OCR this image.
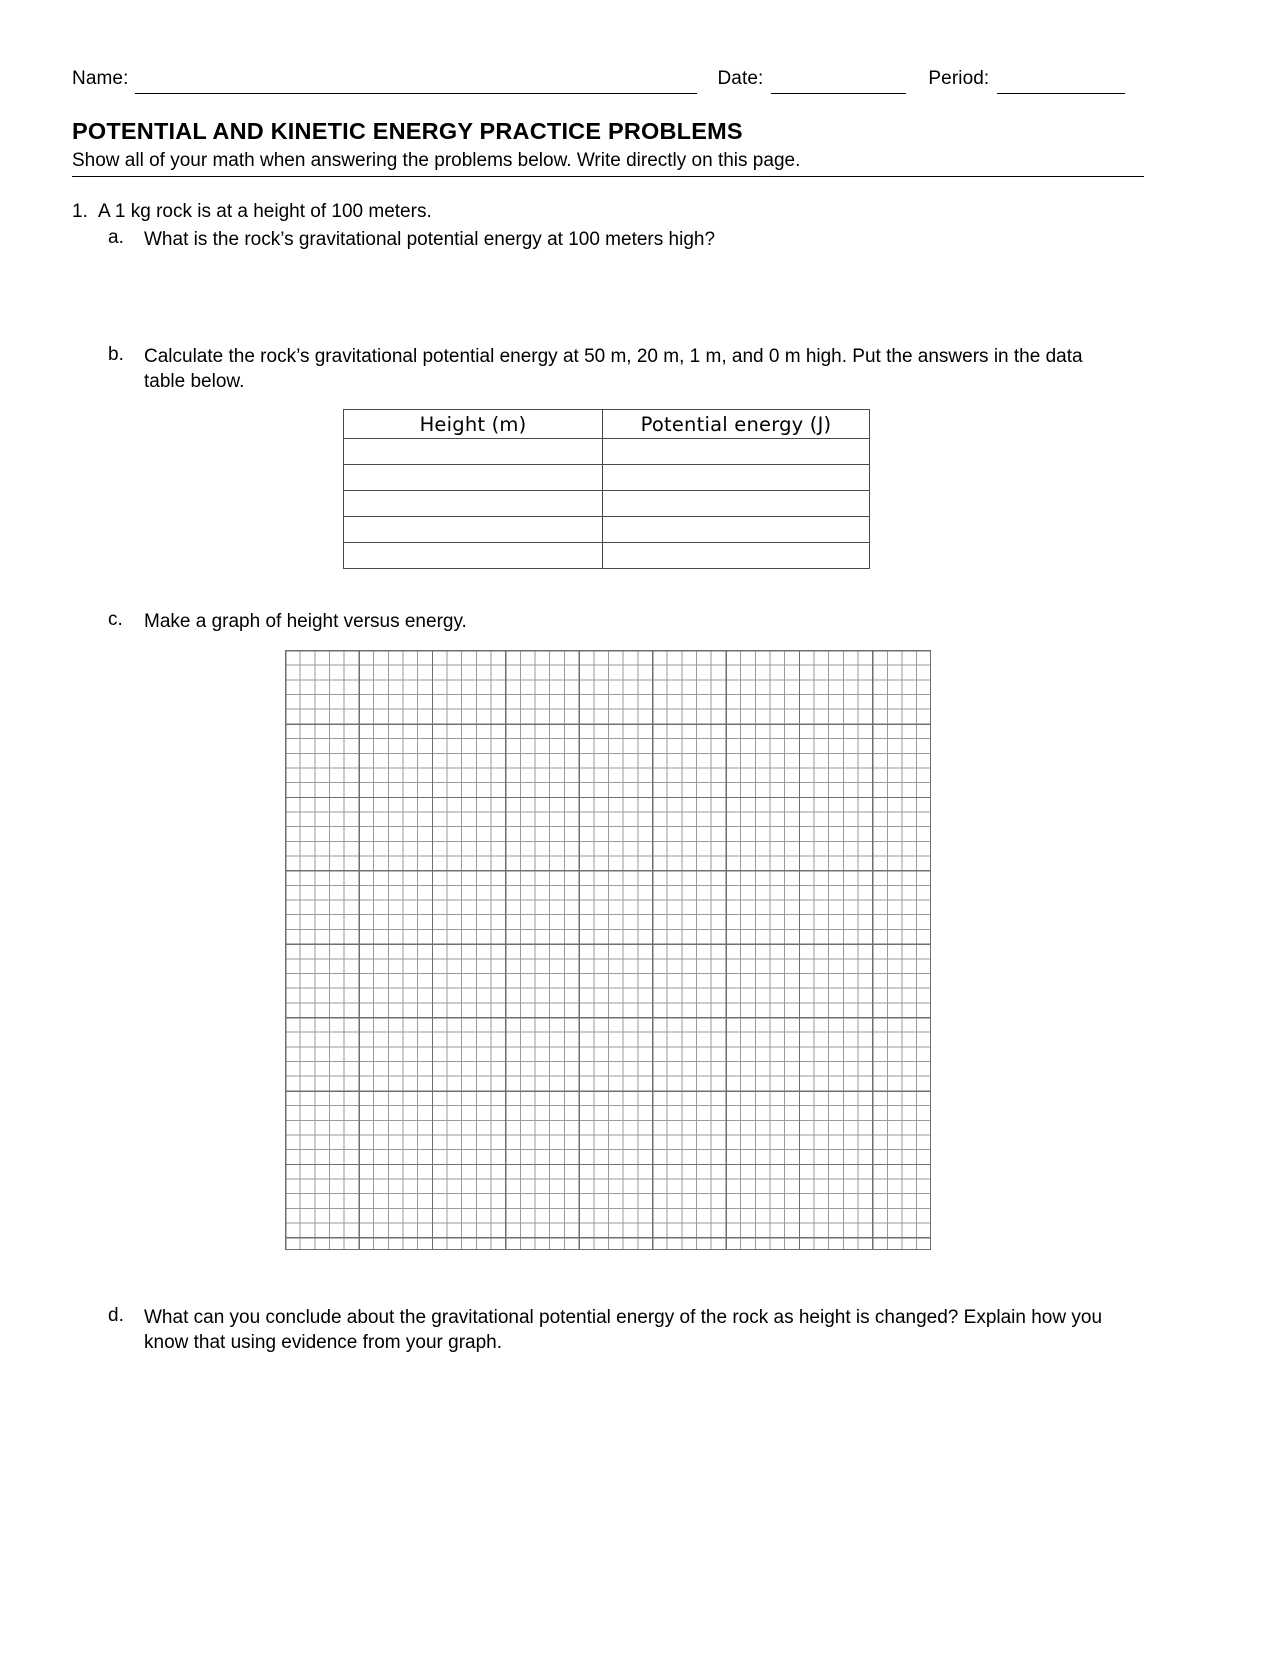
Name:	Date:	Period:
POTENTIAL AND KINETIC ENERGY PRACTICE PROBLEMS
Show all of your math when answering the problems below. Write directly on this page.
1. A 1 kg rock is at a height of 100 meters.
a.	What is the rock’s gravitational potential energy at 100 meters high?
b.	Calculate the rock’s gravitational potential energy at 50 m, 20 m, 1 m, and 0 m high. Put the answers in the data table below.
Height (m)	Potential energy (J)

c.	Make a graph of height versus energy.
d.	What can you conclude about the gravitational potential energy of the rock as height is changed? Explain how you know that using evidence from your graph.
